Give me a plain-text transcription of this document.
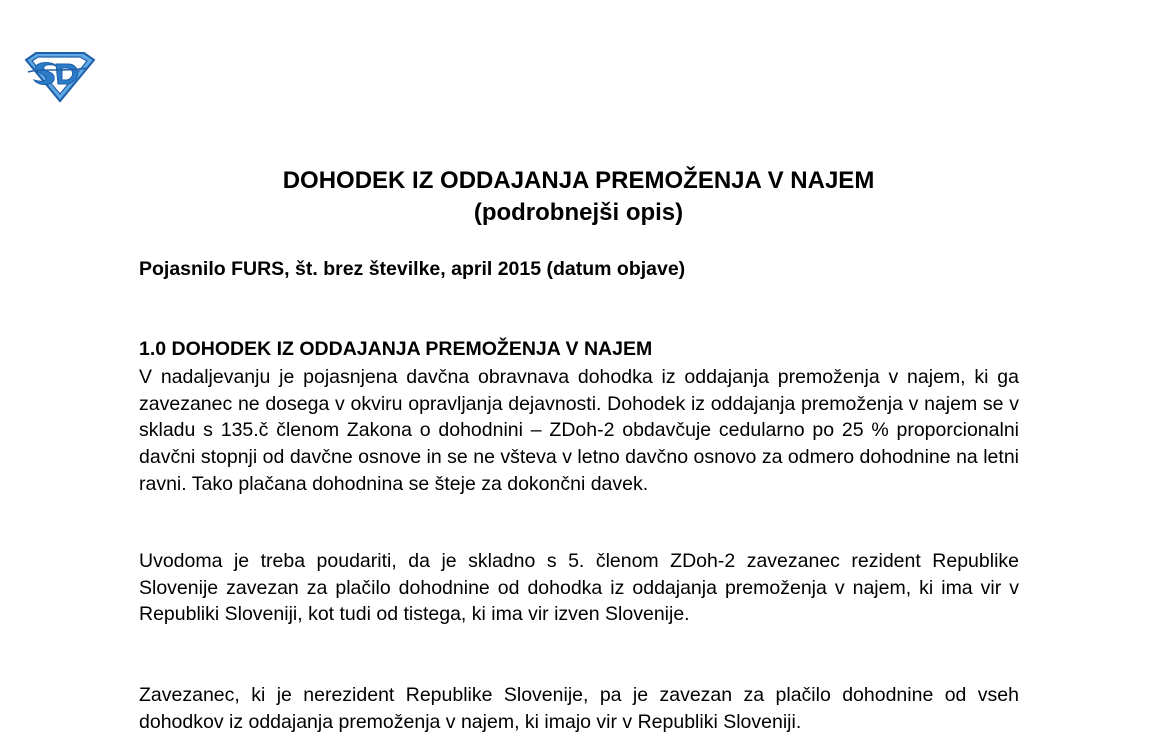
DOHODEK IZ ODDAJANJA PREMOŽENJA V NAJEM
(podrobnejši opis)
Pojasnilo FURS, št. brez številke, april 2015 (datum objave)
1.0 DOHODEK IZ ODDAJANJA PREMOŽENJA V NAJEM

V nadaljevanju je pojasnjena davčna obravnava dohodka iz oddajanja premoženja v najem, ki ga zavezanec ne dosega v okviru opravljanja dejavnosti. Dohodek iz oddajanja premoženja v najem se v skladu s 135.č členom Zakona o dohodnini – ZDoh-2 obdavčuje cedularno po 25 % proporcionalni davčni stopnji od davčne osnove in se ne všteva v letno davčno osnovo za odmero dohodnine na letni ravni. Tako plačana dohodnina se šteje za dokončni davek.

Uvodoma je treba poudariti, da je skladno s 5. členom ZDoh-2 zavezanec rezident Republike Slovenije zavezan za plačilo dohodnine od dohodka iz oddajanja premoženja v najem, ki ima vir v Republiki Sloveniji, kot tudi od tistega, ki ima vir izven Slovenije.

Zavezanec, ki je nerezident Republike Slovenije, pa je zavezan za plačilo dohodnine od vseh dohodkov iz oddajanja premoženja v najem, ki imajo vir v Republiki Sloveniji.
